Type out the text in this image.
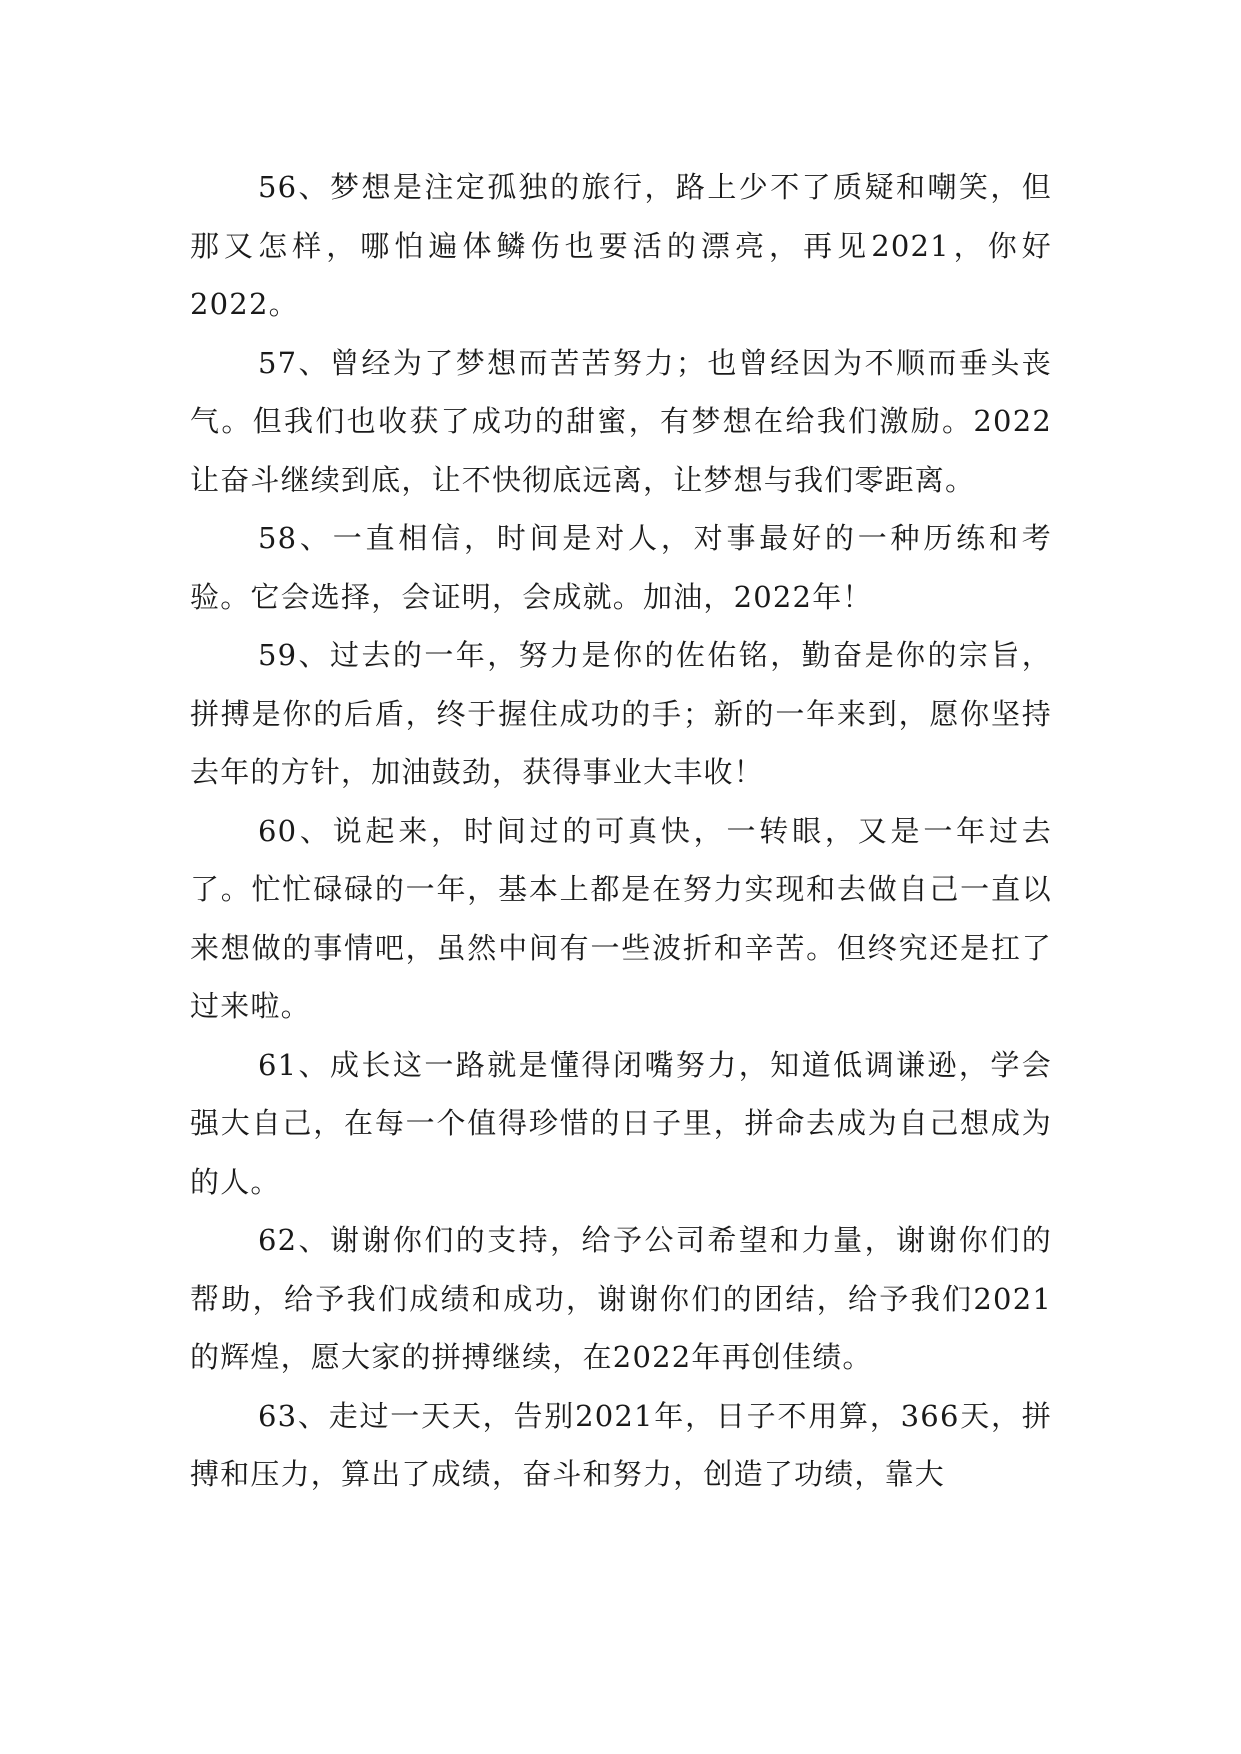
56、梦想是注定孤独的旅行，路上少不了质疑和嘲笑，但那又怎样，哪怕遍体鳞伤也要活的漂亮，再见2021，你好2022。

57、曾经为了梦想而苦苦努力；也曾经因为不顺而垂头丧气。但我们也收获了成功的甜蜜，有梦想在给我们激励。2022让奋斗继续到底，让不快彻底远离，让梦想与我们零距离。

58、一直相信，时间是对人，对事最好的一种历练和考验。它会选择，会证明，会成就。加油，2022年！

59、过去的一年，努力是你的佐佑铭，勤奋是你的宗旨，拼搏是你的后盾，终于握住成功的手；新的一年来到，愿你坚持去年的方针，加油鼓劲，获得事业大丰收！

60、说起来，时间过的可真快，一转眼，又是一年过去了。忙忙碌碌的一年，基本上都是在努力实现和去做自己一直以来想做的事情吧，虽然中间有一些波折和辛苦。但终究还是扛了过来啦。

61、成长这一路就是懂得闭嘴努力，知道低调谦逊，学会强大自己，在每一个值得珍惜的日子里，拼命去成为自己想成为的人。

62、谢谢你们的支持，给予公司希望和力量，谢谢你们的帮助，给予我们成绩和成功，谢谢你们的团结，给予我们2021的辉煌，愿大家的拼搏继续，在2022年再创佳绩。

63、走过一天天，告别2021年，日子不用算，366天，拼搏和压力，算出了成绩，奋斗和努力，创造了功绩，靠大
